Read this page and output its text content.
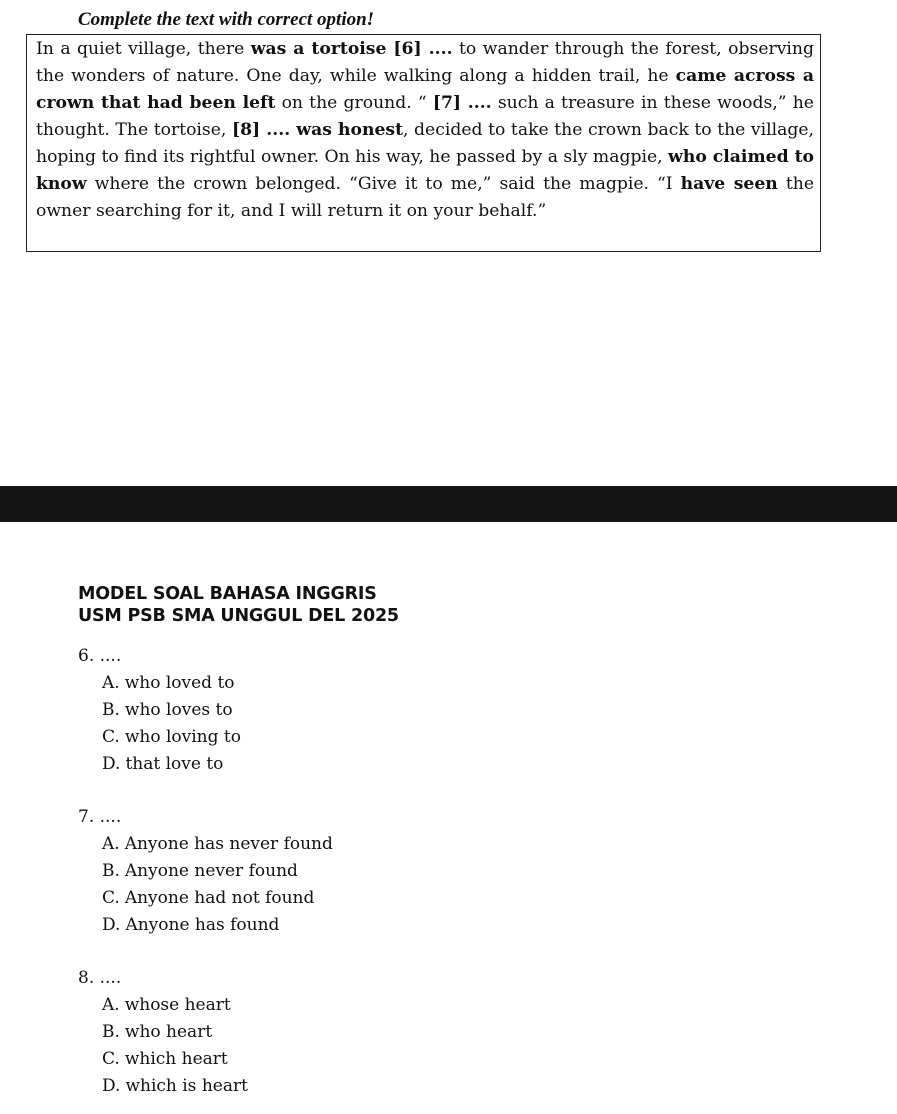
Complete the text with correct option!

In a quiet village, there was a tortoise [6] .... to wander through the forest, observing the wonders of nature. One day, while walking along a hidden trail, he came across a crown that had been left on the ground. “ [7] .... such a treasure in these woods,” he thought. The tortoise, [8] .... was honest, decided to take the crown back to the village, hoping to find its rightful owner. On his way, he passed by a sly magpie, who claimed to know where the crown belonged. “Give it to me,” said the magpie. “I have seen the owner searching for it, and I will return it on your behalf.”

MODEL SOAL BAHASA INGGRIS
USM PSB SMA UNGGUL DEL 2025
6. ....
A. who loved to
B. who loves to
C. who loving to
D. that love to
7. ....
A. Anyone has never found
B. Anyone never found
C. Anyone had not found
D. Anyone has found
8. ....
A. whose heart
B. who heart
C. which heart
D. which is heart
